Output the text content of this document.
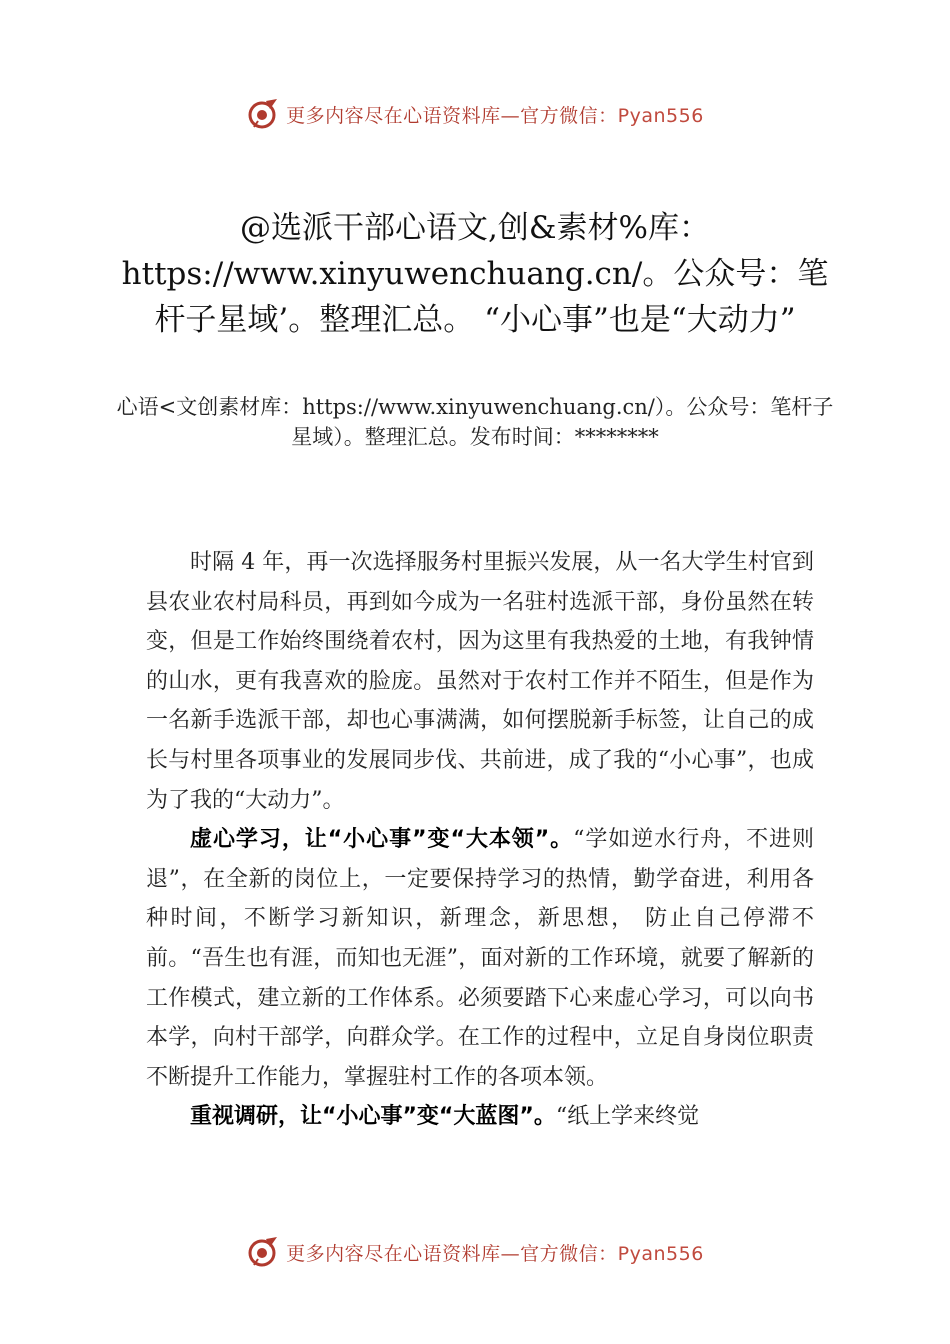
更多内容尽在心语资料库—官方微信：Pyan556
@选派干部心语文,创&素材%库：https://www.xinyuwenchuang.cn/。公众号：笔杆子星域’。整理汇总。 “小心事”也是“大动力”
心语<文创素材库：https://www.xinyuwenchuang.cn/）。公众号：笔杆子星域）。整理汇总。发布时间：********

时隔 4 年，再一次选择服务村里振兴发展，从一名大学生村官到县农业农村局科员，再到如今成为一名驻村选派干部，身份虽然在转变，但是工作始终围绕着农村，因为这里有我热爱的土地，有我钟情的山水，更有我喜欢的脸庞。虽然对于农村工作并不陌生，但是作为一名新手选派干部，却也心事满满，如何摆脱新手标签，让自己的成长与村里各项事业的发展同步伐、共前进，成了我的“小心事”，也成为了我的“大动力”。

虚心学习，让“小心事”变“大本领”。“学如逆水行舟，不进则退”，在全新的岗位上，一定要保持学习的热情，勤学奋进，利用各种时间，不断学习新知识，新理念，新思想， 防止自己停滞不前。“吾生也有涯，而知也无涯”，面对新的工作环境，就要了解新的工作模式，建立新的工作体系。必须要踏下心来虚心学习，可以向书本学，向村干部学，向群众学。在工作的过程中，立足自身岗位职责不断提升工作能力，掌握驻村工作的各项本领。

重视调研，让“小心事”变“大蓝图”。“纸上学来终觉

更多内容尽在心语资料库—官方微信：Pyan556
